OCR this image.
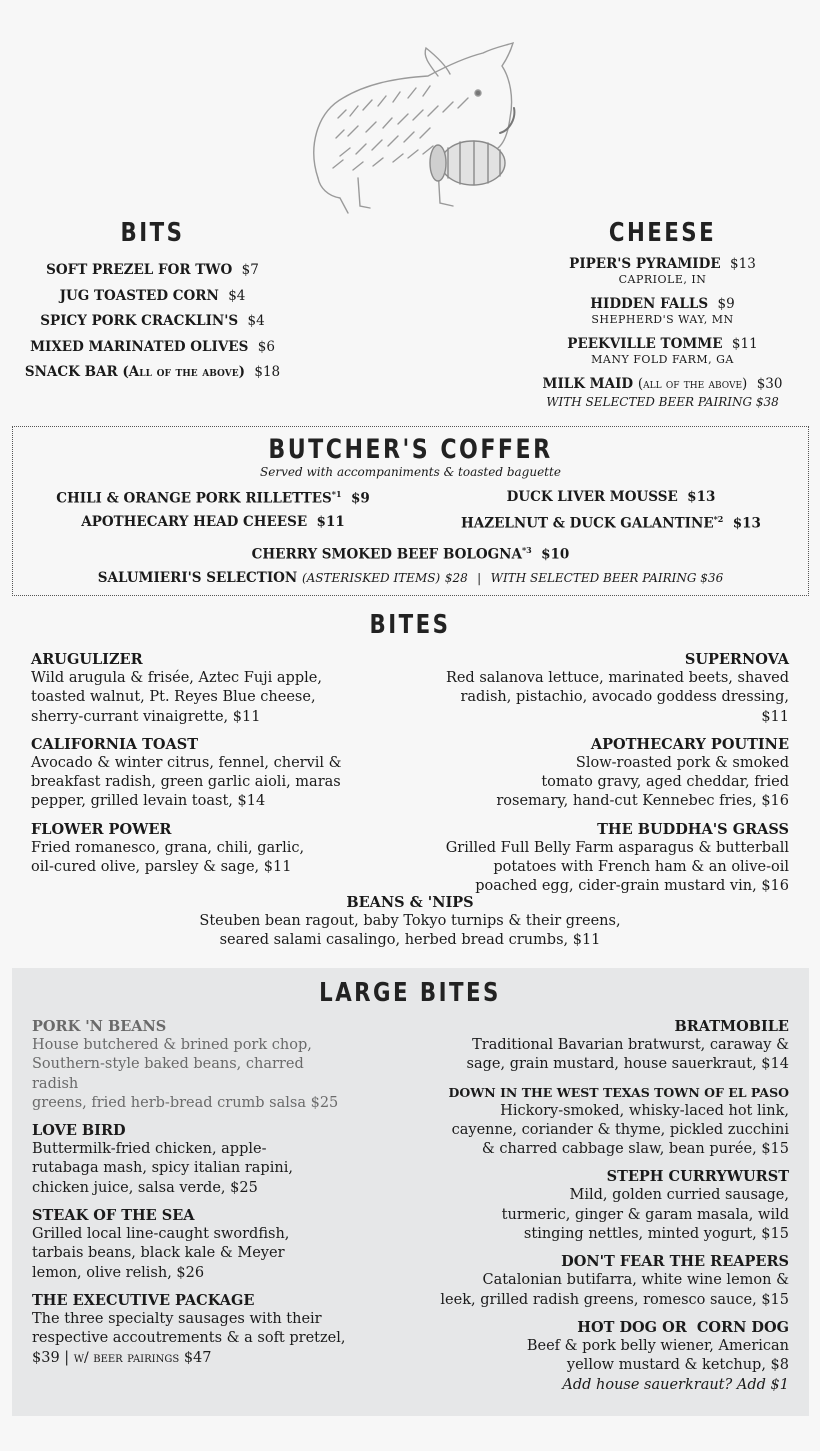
BITS
SOFT PREZEL FOR TWO $7
JUG TOASTED CORN $4
SPICY PORK CRACKLIN'S $4
MIXED MARINATED OLIVES $6
SNACK BAR (All of the above) $18
CHEESE
PIPER'S PYRAMIDE $13
CAPRIOLE, IN
HIDDEN FALLS $9
SHEPHERD'S WAY, MN
PEEKVILLE TOMME $11
MANY FOLD FARM, GA
MILK MAID (all of the above) $30
WITH SELECTED BEER PAIRING $38
BUTCHER'S COFFER
Served with accompaniments & toasted baguette
CHILI & ORANGE PORK RILLETTES$^{*1}$ $9	DUCK LIVER MOUSSE $13
APOTHECARY HEAD CHEESE $11	HAZELNUT & DUCK GALANTINE$^{*2}$ $13
CHERRY SMOKED BEEF BOLOGNA$^{*3}$ $10
SALUMIERI'S SELECTION (ASTERISKED ITEMS) $28 | WITH SELECTED BEER PAIRING $36
BITES
ARUGULIZER
Wild arugula & frisée, Aztec Fuji apple,
toasted walnut, Pt. Reyes Blue cheese,
sherry-currant vinaigrette, $11
CALIFORNIA TOAST
Avocado & winter citrus, fennel, chervil &
breakfast radish, green garlic aioli, maras
pepper, grilled levain toast, $14
FLOWER POWER
Fried romanesco, grana, chili, garlic,
oil-cured olive, parsley & sage, $11
SUPERNOVA
Red salanova lettuce, marinated beets, shaved
radish, pistachio, avocado goddess dressing, $11
APOTHECARY POUTINE
Slow-roasted pork & smoked
tomato gravy, aged cheddar, fried
rosemary, hand-cut Kennebec fries, $16
THE BUDDHA'S GRASS
Grilled Full Belly Farm asparagus & butterball
potatoes with French ham & an olive-oil
poached egg, cider-grain mustard vin, $16
BEANS & 'NIPS
Steuben bean ragout, baby Tokyo turnips & their greens,
seared salami casalingo, herbed bread crumbs, $11
LARGE BITES
PORK 'N BEANS
House butchered & brined pork chop,
Southern-style baked beans, charred radish
greens, fried herb-bread crumb salsa $25
LOVE BIRD
Buttermilk-fried chicken, apple-
rutabaga mash, spicy italian rapini,
chicken juice, salsa verde, $25
STEAK OF THE SEA
Grilled local line-caught swordfish,
tarbais beans, black kale & Meyer
lemon, olive relish, $26
THE EXECUTIVE PACKAGE
The three specialty sausages with their
respective accoutrements & a soft pretzel,
$39 | w/ beer pairings $47
BRATMOBILE
Traditional Bavarian bratwurst, caraway &
sage, grain mustard, house sauerkraut, $14
DOWN IN THE WEST TEXAS TOWN OF EL PASO
Hickory-smoked, whisky-laced hot link,
cayenne, coriander & thyme, pickled zucchini
& charred cabbage slaw, bean purée, $15
STEPH CURRYWURST
Mild, golden curried sausage,
turmeric, ginger & garam masala, wild
stinging nettles, minted yogurt, $15
DON'T FEAR THE REAPERS
Catalonian butifarra, white wine lemon &
leek, grilled radish greens, romesco sauce, $15
HOT DOG OR  CORN DOG
Beef & pork belly wiener, American
yellow mustard & ketchup, $8
Add house sauerkraut? Add $1
